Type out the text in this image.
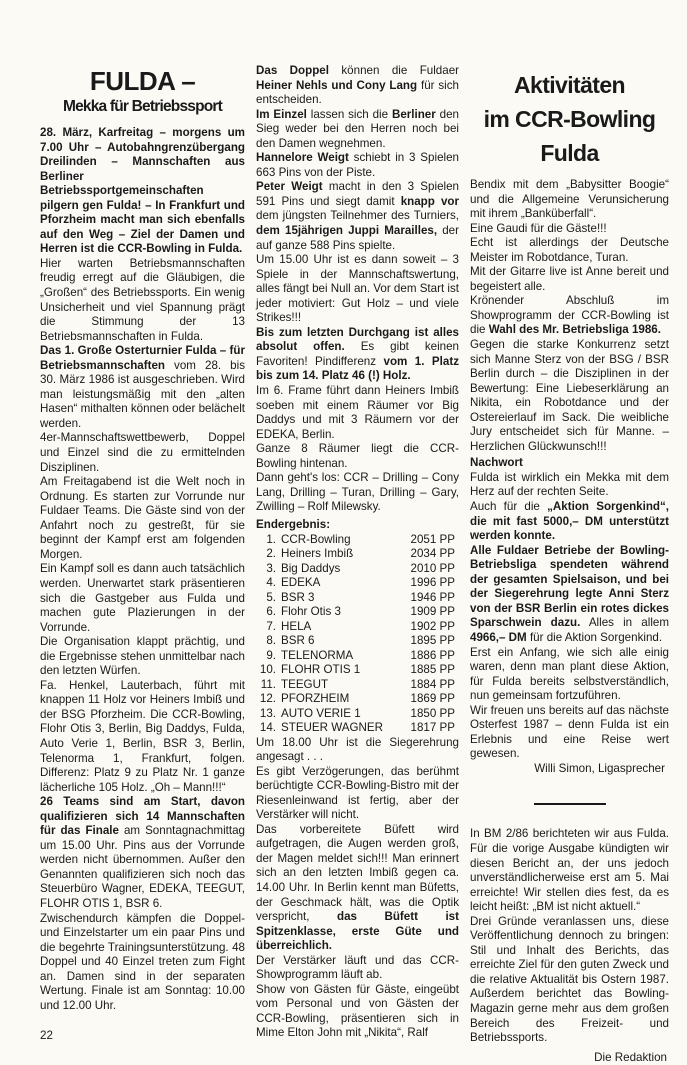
FULDA –
Mekka für Betriebssport

28. März, Karfreitag – morgens um 7.00 Uhr – Autobahngrenzübergang Dreilinden – Mannschaften aus Berliner Betriebssportgemeinschaften pilgern gen Fulda! – In Frankfurt und Pforzheim macht man sich ebenfalls auf den Weg – Ziel der Damen und Herren ist die CCR-Bowling in Fulda.

Hier warten Betriebsmannschaften freudig erregt auf die Gläubigen, die „Großen“ des Betriebssports. Ein wenig Unsicherheit und viel Spannung prägt die Stimmung der 13 Betriebsmannschaften in Fulda.

Das 1. Große Osterturnier Fulda – für Betriebsmannschaften vom 28. bis 30. März 1986 ist ausgeschrieben. Wird man leistungsmäßig mit den „alten Hasen“ mithalten können oder belächelt werden.

4er-Mannschaftswettbewerb, Doppel und Einzel sind die zu ermittelnden Disziplinen.

Am Freitagabend ist die Welt noch in Ordnung. Es starten zur Vorrunde nur Fuldaer Teams. Die Gäste sind von der Anfahrt noch zu gestreßt, für sie beginnt der Kampf erst am folgenden Morgen.

Ein Kampf soll es dann auch tatsächlich werden. Unerwartet stark präsentieren sich die Gastgeber aus Fulda und machen gute Plazierungen in der Vorrunde.

Die Organisation klappt prächtig, und die Ergebnisse stehen unmittelbar nach den letzten Würfen.

Fa. Henkel, Lauterbach, führt mit knappen 11 Holz vor Heiners Imbiß und der BSG Pforzheim. Die CCR-Bowling, Flohr Otis 3, Berlin, Big Daddys, Fulda, Auto Verie 1, Berlin, BSR 3, Berlin, Telenorma 1, Frankfurt, folgen. Differenz: Platz 9 zu Platz Nr. 1 ganze lächerliche 105 Holz. „Oh – Mann!!!“

26 Teams sind am Start, davon qualifizieren sich 14 Mannschaften für das Finale am Sonntagnachmittag um 15.00 Uhr. Pins aus der Vorrunde werden nicht übernommen. Außer den Genannten qualifizieren sich noch das Steuerbüro Wagner, EDEKA, TEEGUT, FLOHR OTIS 1, BSR 6.

Zwischendurch kämpfen die Doppel- und Einzelstarter um ein paar Pins und die begehrte Trainingsunterstützung. 48 Doppel und 40 Einzel treten zum Fight an. Damen sind in der separaten Wertung. Finale ist am Sonntag: 10.00 und 12.00 Uhr.

22

Das Doppel können die Fuldaer Heiner Nehls und Cony Lang für sich entscheiden.

Im Einzel lassen sich die Berliner den Sieg weder bei den Herren noch bei den Damen wegnehmen.

Hannelore Weigt schiebt in 3 Spielen 663 Pins von der Piste.

Peter Weigt macht in den 3 Spielen 591 Pins und siegt damit knapp vor dem jüngsten Teilnehmer des Turniers, dem 15jährigen Juppi Marailles, der auf ganze 588 Pins spielte.

Um 15.00 Uhr ist es dann soweit – 3 Spiele in der Mannschaftswertung, alles fängt bei Null an. Vor dem Start ist jeder motiviert: Gut Holz – und viele Strikes!!!

Bis zum letzten Durchgang ist alles absolut offen. Es gibt keinen Favoriten! Pindifferenz vom 1. Platz bis zum 14. Platz 46 (!) Holz.

Im 6. Frame führt dann Heiners Imbiß soeben mit einem Räumer vor Big Daddys und mit 3 Räumern vor der EDEKA, Berlin.

Ganze 8 Räumer liegt die CCR-Bowling hintenan.

Dann geht's los: CCR – Drilling – Cony Lang, Drilling – Turan, Drilling – Gary, Zwilling – Rolf Milewsky.

Endergebnis:
1.	CCR-Bowling	2051 PP
2.	Heiners Imbiß	2034 PP
3.	Big Daddys	2010 PP
4.	EDEKA	1996 PP
5.	BSR 3	1946 PP
6.	Flohr Otis 3	1909 PP
7.	HELA	1902 PP
8.	BSR 6	1895 PP
9.	TELENORMA	1886 PP
10.	FLOHR OTIS 1	1885 PP
11.	TEEGUT	1884 PP
12.	PFORZHEIM	1869 PP
13.	AUTO VERIE 1	1850 PP
14.	STEUER WAGNER	1817 PP

Um 18.00 Uhr ist die Siegerehrung angesagt . . .

Es gibt Verzögerungen, das berühmt berüchtigte CCR-Bowling-Bistro mit der Riesenleinwand ist fertig, aber der Verstärker will nicht.

Das vorbereitete Büfett wird aufgetragen, die Augen werden groß, der Magen meldet sich!!! Man erinnert sich an den letzten Imbiß gegen ca. 14.00 Uhr. In Berlin kennt man Büfetts, der Geschmack hält, was die Optik verspricht, das Büfett ist Spitzenklasse, erste Güte und überreichlich.

Der Verstärker läuft und das CCR-Showprogramm läuft ab.

Show von Gästen für Gäste, eingeübt vom Personal und von Gästen der CCR-Bowling, präsentieren sich in Mime Elton John mit „Nikita“, Ralf

Aktivitäten
im CCR-Bowling
Fulda

Bendix mit dem „Babysitter Boogie“ und die Allgemeine Verunsicherung mit ihrem „Banküberfall“.

Eine Gaudi für die Gäste!!!

Echt ist allerdings der Deutsche Meister im Robotdance, Turan.

Mit der Gitarre live ist Anne bereit und begeistert alle.

Krönender Abschluß im Showprogramm der CCR-Bowling ist die Wahl des Mr. Betriebsliga 1986.

Gegen die starke Konkurrenz setzt sich Manne Sterz von der BSG / BSR Berlin durch – die Disziplinen in der Bewertung: Eine Liebeserklärung an Nikita, ein Robotdance und der Ostereierlauf im Sack. Die weibliche Jury entscheidet sich für Manne. – Herzlichen Glückwunsch!!!

Nachwort

Fulda ist wirklich ein Mekka mit dem Herz auf der rechten Seite.

Auch für die „Aktion Sorgenkind“, die mit fast 5000,– DM unterstützt werden konnte.

Alle Fuldaer Betriebe der Bowling-Betriebsliga spendeten während der gesamten Spielsaison, und bei der Siegerehrung legte Anni Sterz von der BSR Berlin ein rotes dickes Sparschwein dazu. Alles in allem 4966,– DM für die Aktion Sorgenkind.

Erst ein Anfang, wie sich alle einig waren, denn man plant diese Aktion, für Fulda bereits selbstverständlich, nun gemeinsam fortzuführen.

Wir freuen uns bereits auf das nächste Osterfest 1987 – denn Fulda ist ein Erlebnis und eine Reise wert gewesen.

Willi Simon, Ligasprecher

In BM 2/86 berichteten wir aus Fulda. Für die vorige Ausgabe kündigten wir diesen Bericht an, der uns jedoch unverständlicherweise erst am 5. Mai erreichte! Wir stellen dies fest, da es leicht heißt: „BM ist nicht aktuell.“

Drei Gründe veranlassen uns, diese Veröffentlichung dennoch zu bringen: Stil und Inhalt des Berichts, das erreichte Ziel für den guten Zweck und die relative Aktualität bis Ostern 1987. Außerdem berichtet das Bowling-Magazin gerne mehr aus dem großen Bereich des Freizeit- und Betriebssports.

Die Redaktion
